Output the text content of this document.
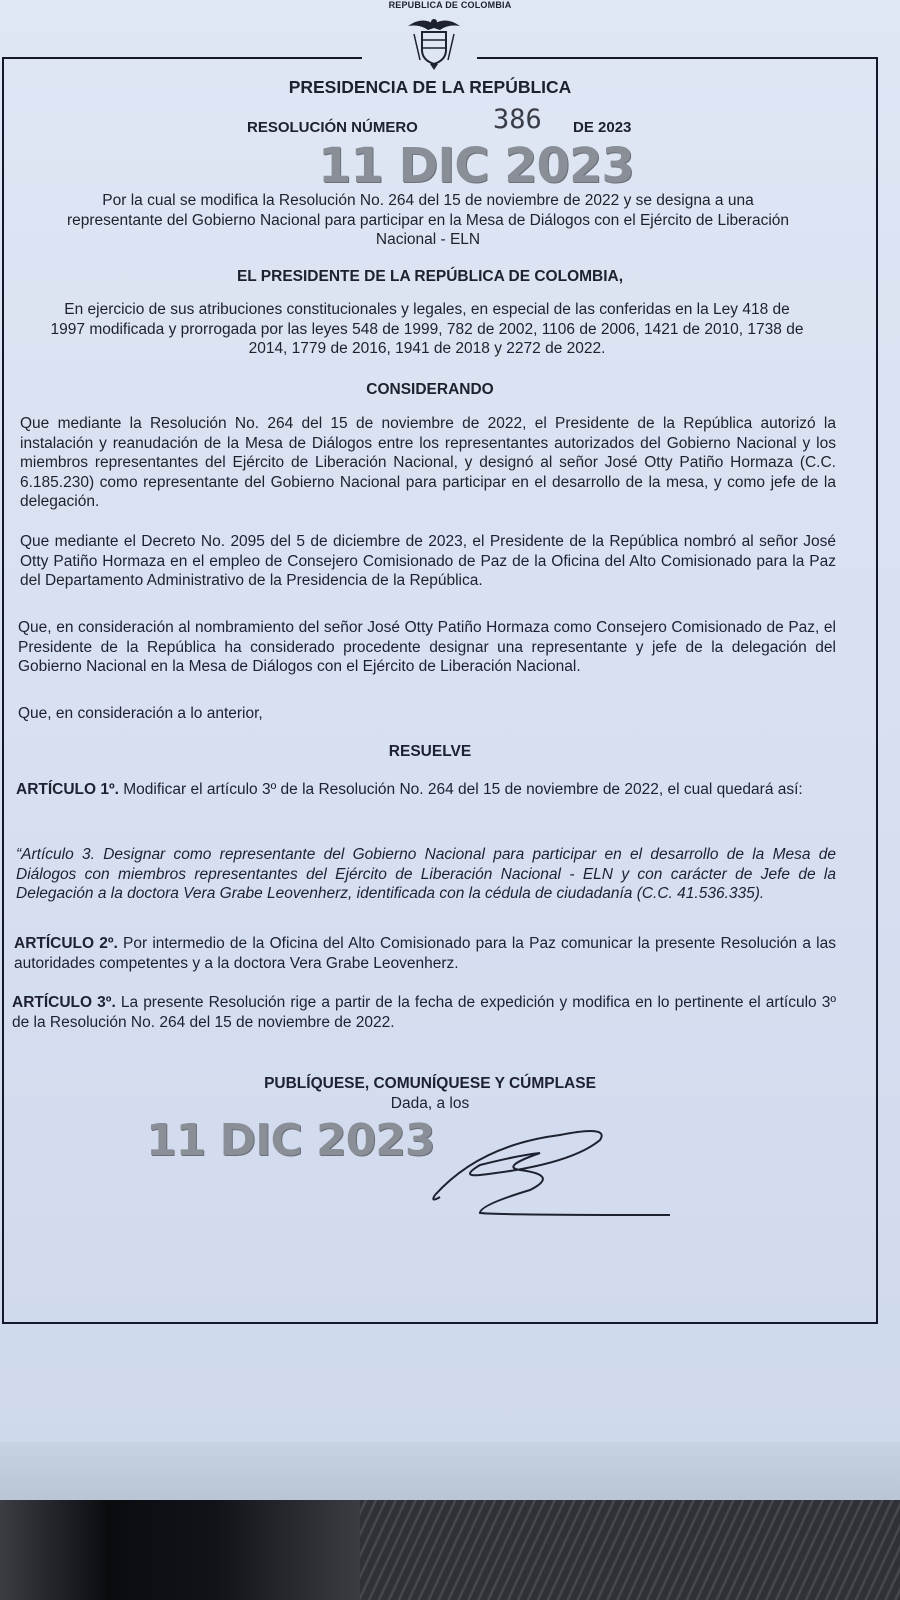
REPUBLICA DE COLOMBIA
PRESIDENCIA DE LA REPÚBLICA
RESOLUCIÓN NÚMERO	386 DE 2023
11 DIC 2023
Por la cual se modifica la Resolución No. 264 del 15 de noviembre de 2022 y se designa a una representante del Gobierno Nacional para participar en la Mesa de Diálogos con el Ejército de Liberación Nacional - ELN
EL PRESIDENTE DE LA REPÚBLICA DE COLOMBIA,
En ejercicio de sus atribuciones constitucionales y legales, en especial de las conferidas en la Ley 418 de 1997 modificada y prorrogada por las leyes 548 de 1999, 782 de 2002, 1106 de 2006, 1421 de 2010, 1738 de 2014, 1779 de 2016, 1941 de 2018 y 2272 de 2022.
CONSIDERANDO
Que mediante la Resolución No. 264 del 15 de noviembre de 2022, el Presidente de la República autorizó la instalación y reanudación de la Mesa de Diálogos entre los representantes autorizados del Gobierno Nacional y los miembros representantes del Ejército de Liberación Nacional, y designó al señor José Otty Patiño Hormaza (C.C. 6.185.230) como representante del Gobierno Nacional para participar en el desarrollo de la mesa, y como jefe de la delegación.
Que mediante el Decreto No. 2095 del 5 de diciembre de 2023, el Presidente de la República nombró al señor José Otty Patiño Hormaza en el empleo de Consejero Comisionado de Paz de la Oficina del Alto Comisionado para la Paz del Departamento Administrativo de la Presidencia de la República.
Que, en consideración al nombramiento del señor José Otty Patiño Hormaza como Consejero Comisionado de Paz, el Presidente de la República ha considerado procedente designar una representante y jefe de la delegación del Gobierno Nacional en la Mesa de Diálogos con el Ejército de Liberación Nacional.
Que, en consideración a lo anterior,
RESUELVE
ARTÍCULO 1º. Modificar el artículo 3º de la Resolución No. 264 del 15 de noviembre de 2022, el cual quedará así:
“Artículo 3. Designar como representante del Gobierno Nacional para participar en el desarrollo de la Mesa de Diálogos con miembros representantes del Ejército de Liberación Nacional - ELN y con carácter de Jefe de la Delegación a la doctora Vera Grabe Leovenherz, identificada con la cédula de ciudadanía (C.C. 41.536.335).
ARTÍCULO 2º. Por intermedio de la Oficina del Alto Comisionado para la Paz comunicar la presente Resolución a las autoridades competentes y a la doctora Vera Grabe Leovenherz.
ARTÍCULO 3º. La presente Resolución rige a partir de la fecha de expedición y modifica en lo pertinente el artículo 3º de la Resolución No. 264 del 15 de noviembre de 2022.
PUBLÍQUESE, COMUNÍQUESE Y CÚMPLASE
Dada, a los
11 DIC 2023
